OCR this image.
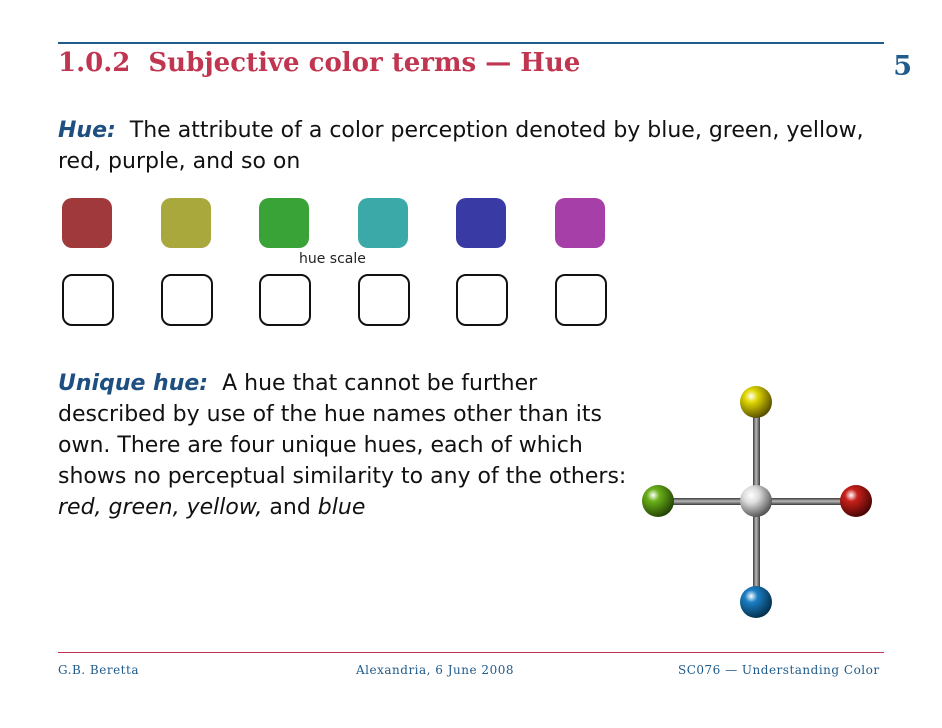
1.0.2 Subjective color terms — Hue	5

Hue: The attribute of a color perception denoted by blue, green, yellow, red, purple, and so on

hue scale

Unique hue: A hue that cannot be further described by use of the hue names other than its own. There are four unique hues, each of which shows no perceptual similarity to any of the others: red, green, yellow, and blue

G.B. Beretta	Alexandria, 6 June 2008	SC076 — Understanding Color
